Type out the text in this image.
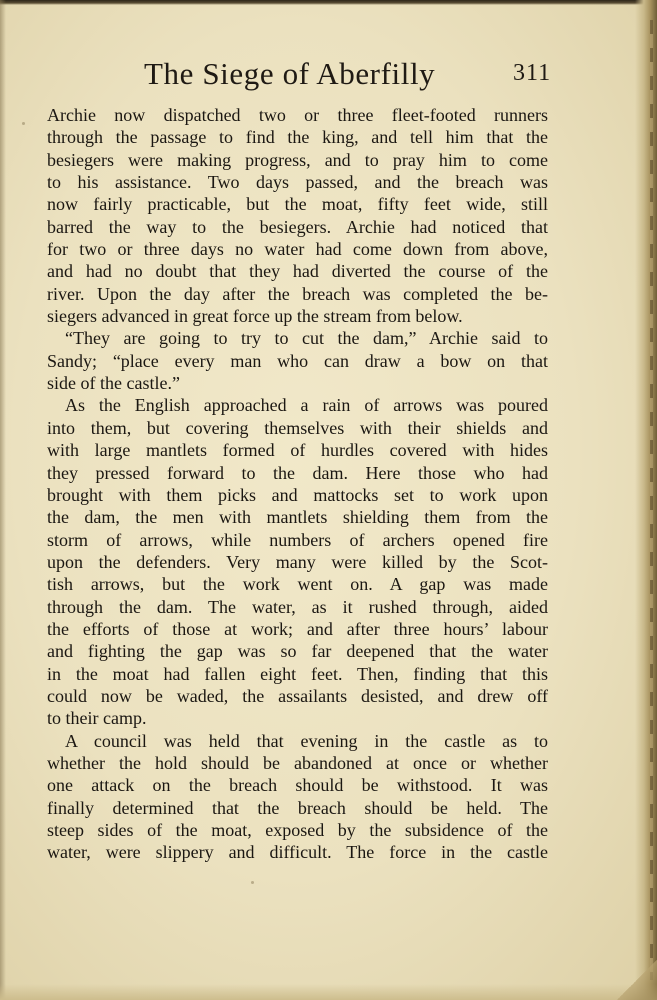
The Siege of Aberfilly	311
Archie now dispatched two or three fleet-footed runners
through the passage to find the king, and tell him that the
besiegers were making progress, and to pray him to come
to his assistance. Two days passed, and the breach was
now fairly practicable, but the moat, fifty feet wide, still
barred the way to the besiegers. Archie had noticed that
for two or three days no water had come down from above,
and had no doubt that they had diverted the course of the
river. Upon the day after the breach was completed the be-
siegers advanced in great force up the stream from below.
“They are going to try to cut the dam,” Archie said to
Sandy; “place every man who can draw a bow on that
side of the castle.”
As the English approached a rain of arrows was poured
into them, but covering themselves with their shields and
with large mantlets formed of hurdles covered with hides
they pressed forward to the dam. Here those who had
brought with them picks and mattocks set to work upon
the dam, the men with mantlets shielding them from the
storm of arrows, while numbers of archers opened fire
upon the defenders. Very many were killed by the Scot-
tish arrows, but the work went on. A gap was made
through the dam. The water, as it rushed through, aided
the efforts of those at work; and after three hours’ labour
and fighting the gap was so far deepened that the water
in the moat had fallen eight feet. Then, finding that this
could now be waded, the assailants desisted, and drew off
to their camp.
A council was held that evening in the castle as to
whether the hold should be abandoned at once or whether
one attack on the breach should be withstood. It was
finally determined that the breach should be held. The
steep sides of the moat, exposed by the subsidence of the
water, were slippery and difficult. The force in the castle
